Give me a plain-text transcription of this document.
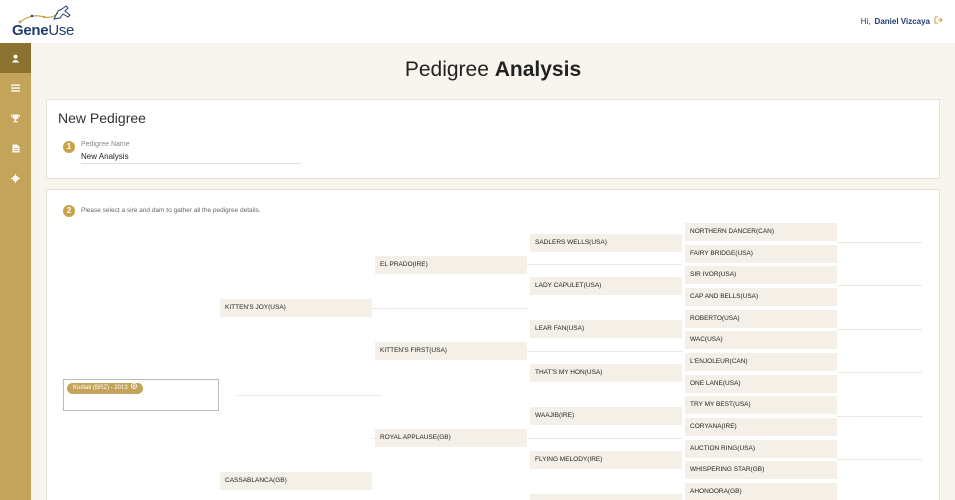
GeneUse
Hi, Daniel Vizcaya
Pedigree Analysis
New Pedigree
1	Pedigree Name
New Analysis
2	Please select a sire and dam to gather all the pedigree details.
Kodiak (BRZ) - 2013
KITTEN'S JOY(USA)
CASSABLANCA(GB)
EL PRADO(IRE)
KITTEN'S FIRST(USA)
ROYAL APPLAUSE(GB)
SADLERS WELLS(USA)
LADY CAPULET(USA)
LEAR FAN(USA)
THAT'S MY HON(USA)
WAAJIB(IRE)
FLYING MELODY(IRE)
NORTHERN DANCER(CAN)
FAIRY BRIDGE(USA)
SIR IVOR(USA)
CAP AND BELLS(USA)
ROBERTO(USA)
WAC(USA)
L'ENJOLEUR(CAN)
ONE LANE(USA)
TRY MY BEST(USA)
CORYANA(IRE)
AUCTION RING(USA)
WHISPERING STAR(GB)
AHONOORA(GB)
